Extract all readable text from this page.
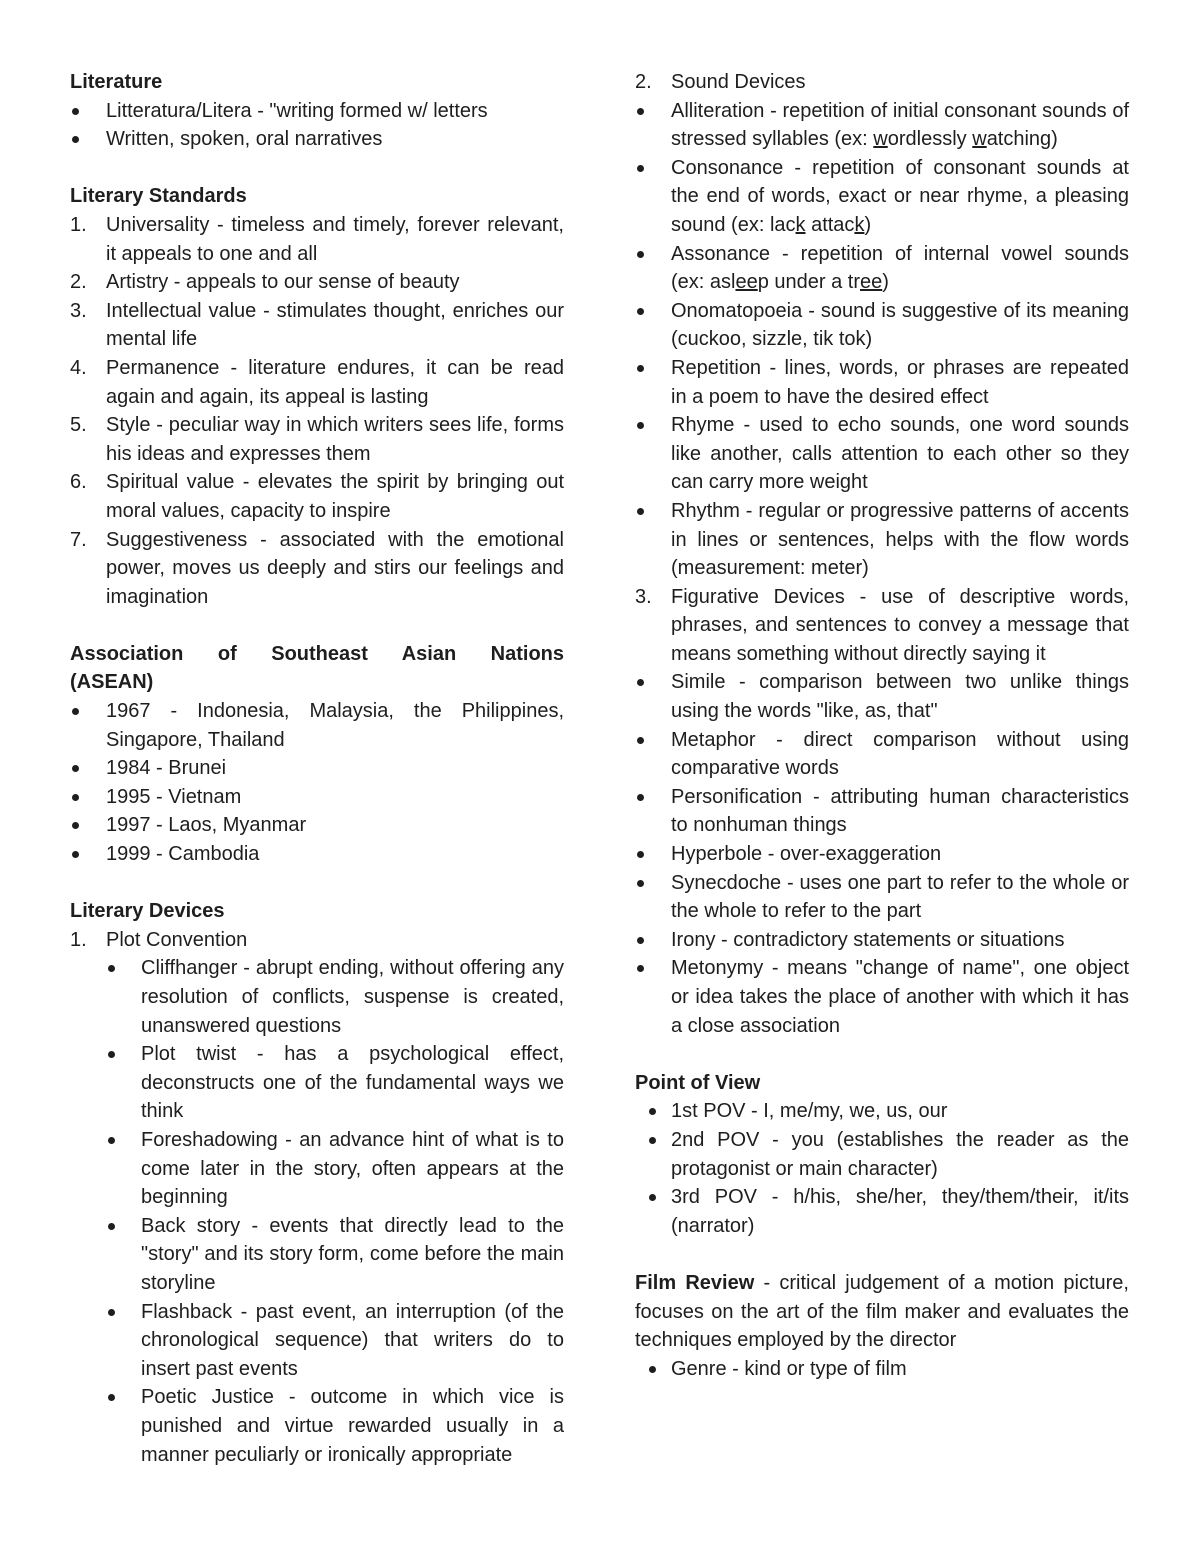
Literature

Litteratura/Litera - "writing formed w/ letters
Written, spoken, oral narratives

Literary Standards

1. Universality - timeless and timely, forever relevant, it appeals to one and all
2. Artistry - appeals to our sense of beauty
3. Intellectual value - stimulates thought, enriches our mental life
4. Permanence - literature endures, it can be read again and again, its appeal is lasting
5. Style - peculiar way in which writers sees life, forms his ideas and expresses them
6. Spiritual value - elevates the spirit by bringing out moral values, capacity to inspire
7. Suggestiveness - associated with the emotional power, moves us deeply and stirs our feelings and imagination

Association of Southeast Asian Nations

(ASEAN)

1967 - Indonesia, Malaysia, the Philippines, Singapore, Thailand
1984 - Brunei
1995 - Vietnam
1997 - Laos, Myanmar
1999 - Cambodia

Literary Devices

1. Plot Convention
Cliffhanger - abrupt ending, without offering any resolution of conflicts, suspense is created, unanswered questions
Plot twist - has a psychological effect, deconstructs one of the fundamental ways we think
Foreshadowing - an advance hint of what is to come later in the story, often appears at the beginning
Back story - events that directly lead to the "story" and its story form, come before the main storyline
Flashback - past event, an interruption (of the chronological sequence) that writers do to insert past events
Poetic Justice - outcome in which vice is punished and virtue rewarded usually in a manner peculiarly or ironically appropriate
2. Sound Devices
Alliteration - repetition of initial consonant sounds of stressed syllables (ex: wordlessly watching)
Consonance - repetition of consonant sounds at the end of words, exact or near rhyme, a pleasing sound (ex: lack attack)
Assonance - repetition of internal vowel sounds (ex: asleep under a tree)
Onomatopoeia - sound is suggestive of its meaning (cuckoo, sizzle, tik tok)
Repetition - lines, words, or phrases are repeated in a poem to have the desired effect
Rhyme - used to echo sounds, one word sounds like another, calls attention to each other so they can carry more weight
Rhythm - regular or progressive patterns of accents in lines or sentences, helps with the flow words (measurement: meter)
3. Figurative Devices - use of descriptive words, phrases, and sentences to convey a message that means something without directly saying it
Simile - comparison between two unlike things using the words "like, as, that"
Metaphor - direct comparison without using comparative words
Personification - attributing human characteristics to nonhuman things
Hyperbole - over-exaggeration
Synecdoche - uses one part to refer to the whole or the whole to refer to the part
Irony - contradictory statements or situations
Metonymy - means "change of name", one object or idea takes the place of another with which it has a close association

Point of View

1st POV - I, me/my, we, us, our
2nd POV - you (establishes the reader as the protagonist or main character)
3rd POV - h/his, she/her, they/them/their, it/its (narrator)

Film Review - critical judgement of a motion picture, focuses on the art of the film maker and evaluates the techniques employed by the director

Genre - kind or type of film
